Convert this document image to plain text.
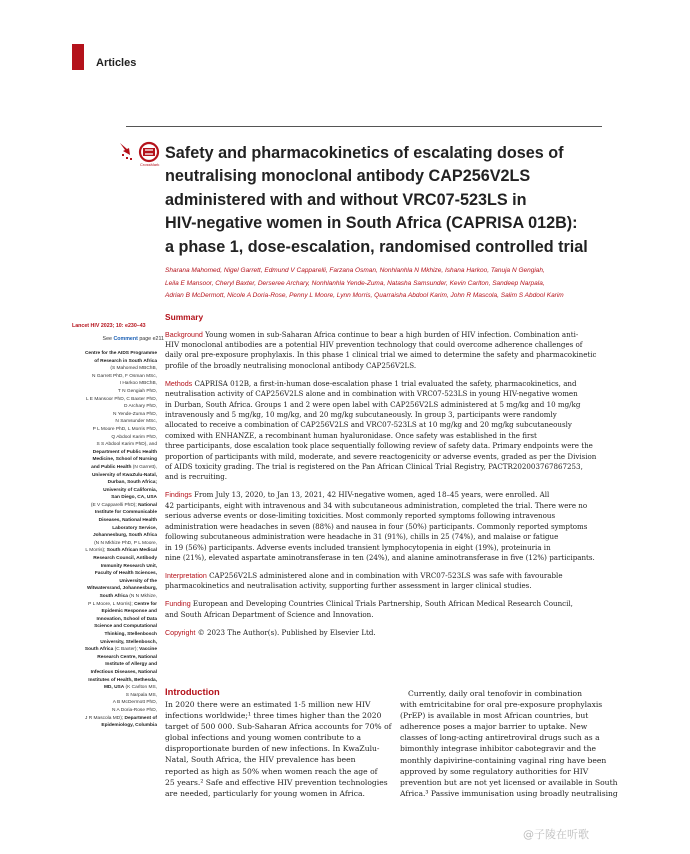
Articles
CrossMark
Safety and pharmacokinetics of escalating doses of
neutralising monoclonal antibody CAP256V2LS
administered with and without VRC07-523LS in
HIV-negative women in South Africa (CAPRISA 012B):
a phase 1, dose-escalation, randomised controlled trial
Sharana Mahomed, Nigel Garrett, Edmund V Capparelli, Farzana Osman, Nonhlanhla N Mkhize, Ishana Harkoo, Tanuja N Gengiah,
Leila E Mansoor, Cheryl Baxter, Derseree Archary, Nonhlanhla Yende-Zuma, Natasha Samsunder, Kevin Carlton, Sandeep Narpala,
Adrian B McDermott, Nicole A Doria-Rose, Penny L Moore, Lynn Morris, Quarraisha Abdool Karim, John R Mascola, Salim S Abdool Karim
Lancet HIV 2023; 10: e230–43
See Comment page e211
Centre for the AIDS Programme
of Research in South Africa
(S Mahomed MBChB,
N Garrett PhD, F Osman MSc,
I Harkoo MBChB,
T N Gengiah PhD,
L E Mansoor PhD, C Baxter PhD,
D Archary PhD,
N Yende-Zuma PhD,
N Samsunder MSc,
P L Moore PhD, L Morris PhD,
Q Abdool Karim PhD,
S S Abdool Karim PhD), and
Department of Public Health
Medicine, School of Nursing
and Public Health (N Garrett),
University of KwaZulu-Natal,
Durban, South Africa;
University of California,
San Diego, CA, USA
(E V Capparelli PhD); National
Institute for Communicable
Diseases, National Health
Laboratory Service,
Johannesburg, South Africa
(N N Mkhize PhD, P L Moore,
L Morris); South African Medical
Research Council, Antibody
Immunity Research Unit,
Faculty of Health Sciences,
University of the
Witwatersrand, Johannesburg,
South Africa (N N Mkhize,
P L Moore, L Morris); Centre for
Epidemic Response and
Innovation, School of Data
Science and Computational
Thinking, Stellenbosch
University, Stellenbosch,
South Africa (C Baxter); Vaccine
Research Centre, National
Institute of Allergy and
Infectious Diseases, National
Institutes of Health, Bethesda,
MD, USA (K Carlton MS,
S Narpala MS,
A B McDermott PhD,
N A Doria-Rose PhD,
J R Mascola MD); Department of
Epidemiology, Columbia
Summary

Background Young women in sub-Saharan Africa continue to bear a high burden of HIV infection. Combination anti-
HIV monoclonal antibodies are a potential HIV prevention technology that could overcome adherence challenges of
daily oral pre-exposure prophylaxis. In this phase 1 clinical trial we aimed to determine the safety and pharmacokinetic
profile of the broadly neutralising monoclonal antibody CAP256V2LS.

Methods CAPRISA 012B, a first-in-human dose-escalation phase 1 trial evaluated the safety, pharmacokinetics, and
neutralisation activity of CAP256V2LS alone and in combination with VRC07-523LS in young HIV-negative women
in Durban, South Africa. Groups 1 and 2 were open label with CAP256V2LS administered at 5 mg/kg and 10 mg/kg
intravenously and 5 mg/kg, 10 mg/kg, and 20 mg/kg subcutaneously. In group 3, participants were randomly
allocated to receive a combination of CAP256V2LS and VRC07-523LS at 10 mg/kg and 20 mg/kg subcutaneously
comixed with ENHANZE, a recombinant human hyaluronidase. Once safety was established in the first
three participants, dose escalation took place sequentially following review of safety data. Primary endpoints were the
proportion of participants with mild, moderate, and severe reactogenicity or adverse events, graded as per the Division
of AIDS toxicity grading. The trial is registered on the Pan African Clinical Trial Registry, PACTR202003767867253,
and is recruiting.

Findings From July 13, 2020, to Jan 13, 2021, 42 HIV-negative women, aged 18–45 years, were enrolled. All
42 participants, eight with intravenous and 34 with subcutaneous administration, completed the trial. There were no
serious adverse events or dose-limiting toxicities. Most commonly reported symptoms following intravenous
administration were headaches in seven (88%) and nausea in four (50%) participants. Commonly reported symptoms
following subcutaneous administration were headache in 31 (91%), chills in 25 (74%), and malaise or fatigue
in 19 (56%) participants. Adverse events included transient lymphocytopenia in eight (19%), proteinuria in
nine (21%), elevated aspartate aminotransferase in ten (24%), and alanine aminotransferase in five (12%) participants.

Interpretation CAP256V2LS administered alone and in combination with VRC07-523LS was safe with favourable
pharmacokinetics and neutralisation activity, supporting further assessment in larger clinical studies.

Funding European and Developing Countries Clinical Trials Partnership, South African Medical Research Council,
and South African Department of Science and Innovation.

Copyright © 2023 The Author(s). Published by Elsevier Ltd.

Introduction
In 2020 there were an estimated 1·5 million new HIV
infections worldwide;¹ three times higher than the 2020
target of 500 000. Sub-Saharan Africa accounts for 70% of
global infections and young women contribute to a
disproportionate burden of new infections. In KwaZulu-
Natal, South Africa, the HIV prevalence has been
reported as high as 50% when women reach the age of
25 years.² Safe and effective HIV prevention technologies
are needed, particularly for young women in Africa.
Currently, daily oral tenofovir in combination
with emtricitabine for oral pre-exposure prophylaxis
(PrEP) is available in most African countries, but
adherence poses a major barrier to uptake. New
classes of long-acting antiretroviral drugs such as a
bimonthly integrase inhibitor cabotegravir and the
monthly dapivirine-containing vaginal ring have been
approved by some regulatory authorities for HIV
prevention but are not yet licensed or available in South
Africa.³ Passive immunisation using broadly neutralising
@子陵在听歌
